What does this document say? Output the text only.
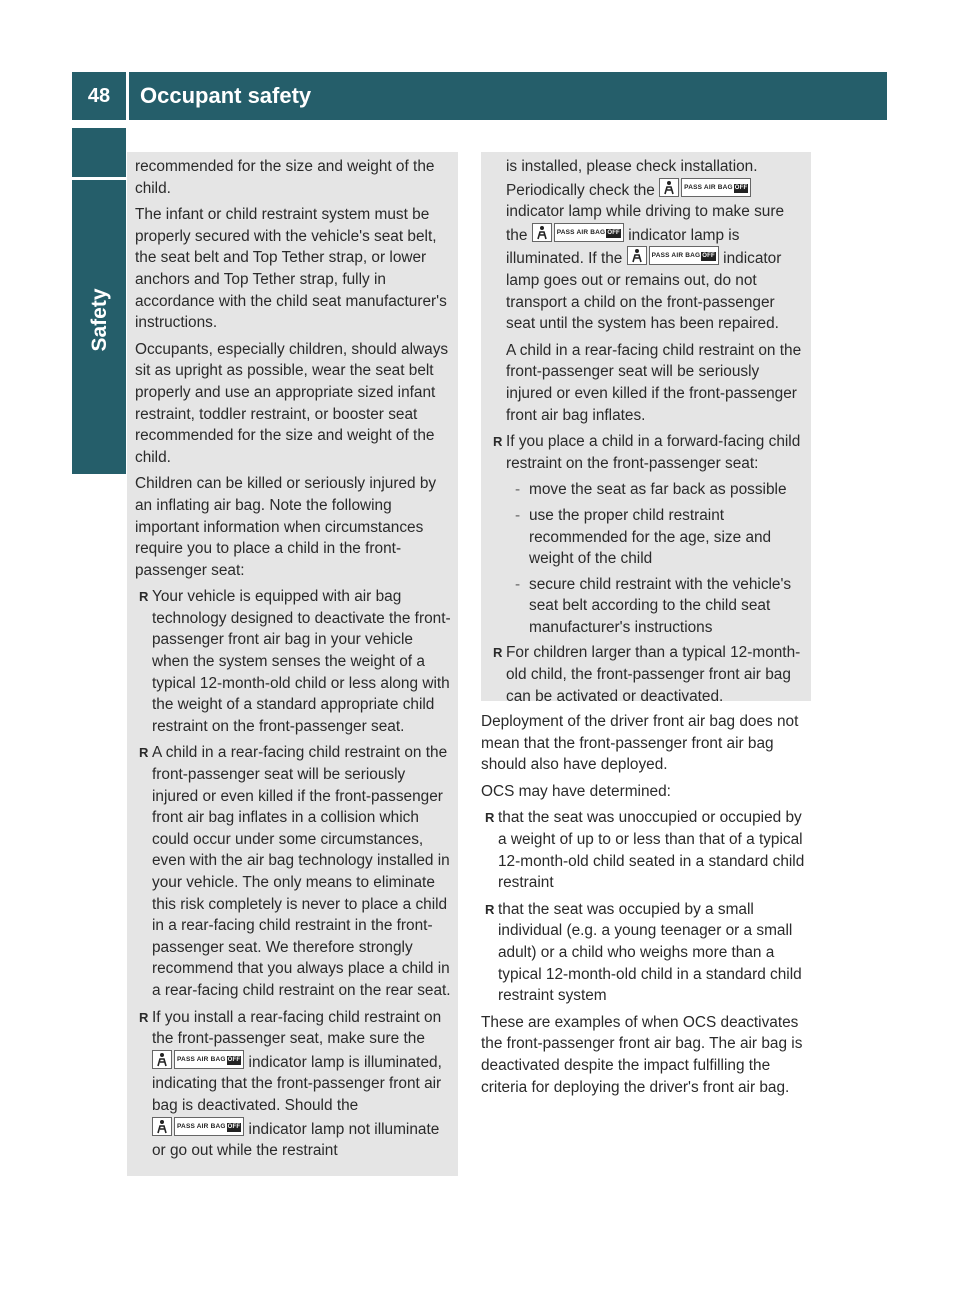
48	Occupant safety
Safety

recommended for the size and weight of the child.

The infant or child restraint system must be properly secured with the vehicle's seat belt, the seat belt and Top Tether strap, or lower anchors and Top Tether strap, fully in accordance with the child seat manufacturer's instructions.

Occupants, especially children, should always sit as upright as possible, wear the seat belt properly and use an appropriate sized infant restraint, toddler restraint, or booster seat recommended for the size and weight of the child.

Children can be killed or seriously injured by an inflating air bag. Note the following important information when circumstances require you to place a child in the front-passenger seat:

R Your vehicle is equipped with air bag technology designed to deactivate the front-passenger front air bag in your vehicle when the system senses the weight of a typical 12-month-old child or less along with the weight of a standard appropriate child restraint on the front-passenger seat.
R A child in a rear-facing child restraint on the front-passenger seat will be seriously injured or even killed if the front-passenger front air bag inflates in a collision which could occur under some circumstances, even with the air bag technology installed in your vehicle. The only means to eliminate this risk completely is never to place a child in a rear-facing child restraint in the front-passenger seat. We therefore strongly recommend that you always place a child in a rear-facing child restraint on the rear seat.
R If you install a rear-facing child restraint on the front-passenger seat, make sure the
PASS AIR BAG OFF indicator lamp is illuminated, indicating that the front-passenger front air bag is deactivated. Should the
PASS AIR BAG OFF indicator lamp not illuminate or go out while the restraint

is installed, please check installation. Periodically check the	PASS AIR BAG OFF
indicator lamp while driving to make sure the	PASS AIR BAG OFF indicator lamp is illuminated. If the	PASS AIR BAG OFF indicator lamp goes out or remains out, do not transport a child on the front-passenger seat until the system has been repaired.

A child in a rear-facing child restraint on the front-passenger seat will be seriously injured or even killed if the front-passenger front air bag inflates.

R If you place a child in a forward-facing child restraint on the front-passenger seat:
- move the seat as far back as possible
- use the proper child restraint recommended for the age, size and weight of the child
- secure child restraint with the vehicle's seat belt according to the child seat manufacturer's instructions
R For children larger than a typical 12-month-old child, the front-passenger front air bag can be activated or deactivated.

Deployment of the driver front air bag does not mean that the front-passenger front air bag should also have deployed.

OCS may have determined:

R that the seat was unoccupied or occupied by a weight of up to or less than that of a typical 12-month-old child seated in a standard child restraint
R that the seat was occupied by a small individual (e.g. a young teenager or a small adult) or a child who weighs more than a typical 12-month-old child in a standard child restraint system

These are examples of when OCS deactivates the front-passenger front air bag. The air bag is deactivated despite the impact fulfilling the criteria for deploying the driver's front air bag.
